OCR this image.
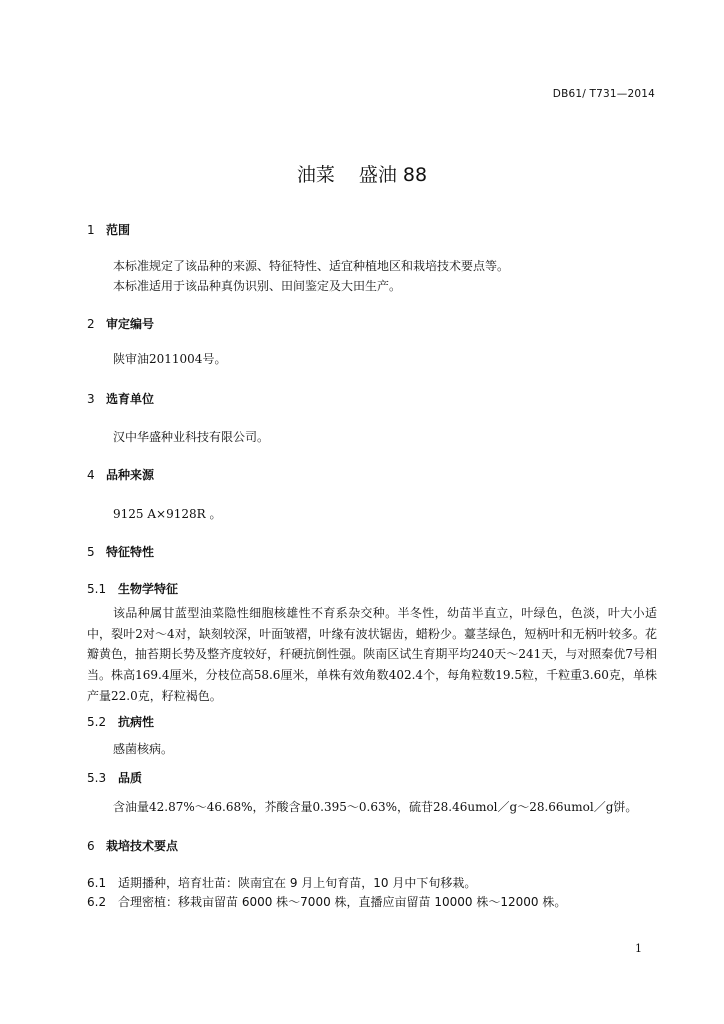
DB61/ T731—2014
油菜 盛油 88
1 范围
本标准规定了该品种的来源、特征特性、适宜种植地区和栽培技术要点等。
本标准适用于该品种真伪识别、田间鉴定及大田生产。
2 审定编号
陕审油2011004号。
3 选育单位
汉中华盛种业科技有限公司。
4 品种来源
9125 A×9128R 。
5 特征特性
5.1 生物学特征
该品种属甘蓝型油菜隐性细胞核雄性不育系杂交种。半冬性，幼苗半直立，叶绿色，色淡，叶大小适中，裂叶2对～4对，缺刻较深，叶面皱褶，叶缘有波状锯齿，蜡粉少。薹茎绿色，短柄叶和无柄叶较多。花瓣黄色，抽苔期长势及整齐度较好，秆硬抗倒性强。陕南区试生育期平均240天～241天，与对照秦优7号相当。株高169.4厘米，分枝位高58.6厘米，单株有效角数402.4个，每角粒数19.5粒，千粒重3.60克，单株产量22.0克，籽粒褐色。
5.2 抗病性
感菌核病。
5.3 品质
含油量42.87%～46.68%，芥酸含量0.395～0.63%，硫苷28.46umol／g～28.66umol／g饼。
6 栽培技术要点
6.1 适期播种，培育壮苗：陕南宜在 9 月上旬育苗，10 月中下旬移栽。
6.2 合理密植：移栽亩留苗 6000 株～7000 株，直播应亩留苗 10000 株～12000 株。
1
